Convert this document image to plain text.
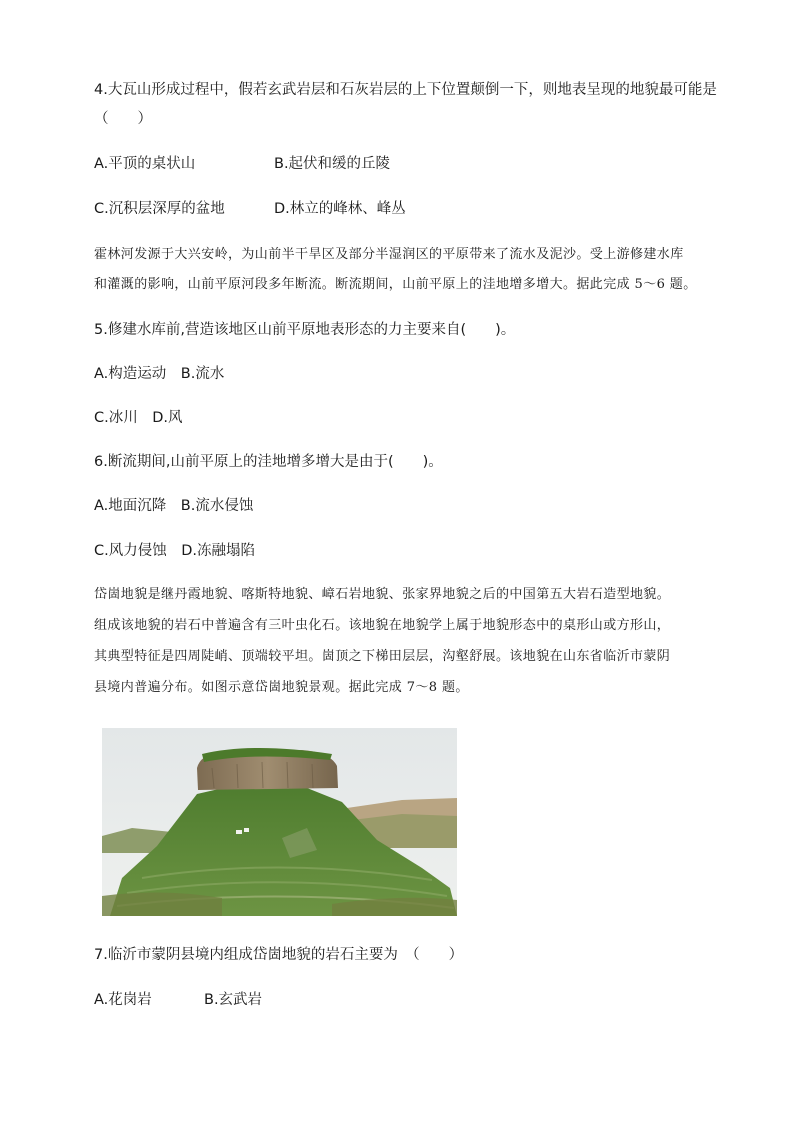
4.大瓦山形成过程中，假若玄武岩层和石灰岩层的上下位置颠倒一下，则地表呈现的地貌最可能是
（　　）
A.平顶的桌状山	B.起伏和缓的丘陵
C.沉积层深厚的盆地	D.林立的峰林、峰丛
霍林河发源于大兴安岭，为山前半干旱区及部分半湿润区的平原带来了流水及泥沙。受上游修建水库
和灌溉的影响，山前平原河段多年断流。断流期间，山前平原上的洼地增多增大。据此完成 5～6 题。
5.修建水库前,营造该地区山前平原地表形态的力主要来自(　　)。
A.构造运动　B.流水
C.冰川　D.风
6.断流期间,山前平原上的洼地增多增大是由于(　　)。
A.地面沉降　B.流水侵蚀
C.风力侵蚀　D.冻融塌陷
岱崮地貌是继丹霞地貌、喀斯特地貌、嶂石岩地貌、张家界地貌之后的中国第五大岩石造型地貌。
组成该地貌的岩石中普遍含有三叶虫化石。该地貌在地貌学上属于地貌形态中的桌形山或方形山，
其典型特征是四周陡峭、顶端较平坦。崮顶之下梯田层层，沟壑舒展。该地貌在山东省临沂市蒙阴
县境内普遍分布。如图示意岱崮地貌景观。据此完成 7～8 题。
7.临沂市蒙阴县境内组成岱崮地貌的岩石主要为　（　　）
A.花岗岩	B.玄武岩
